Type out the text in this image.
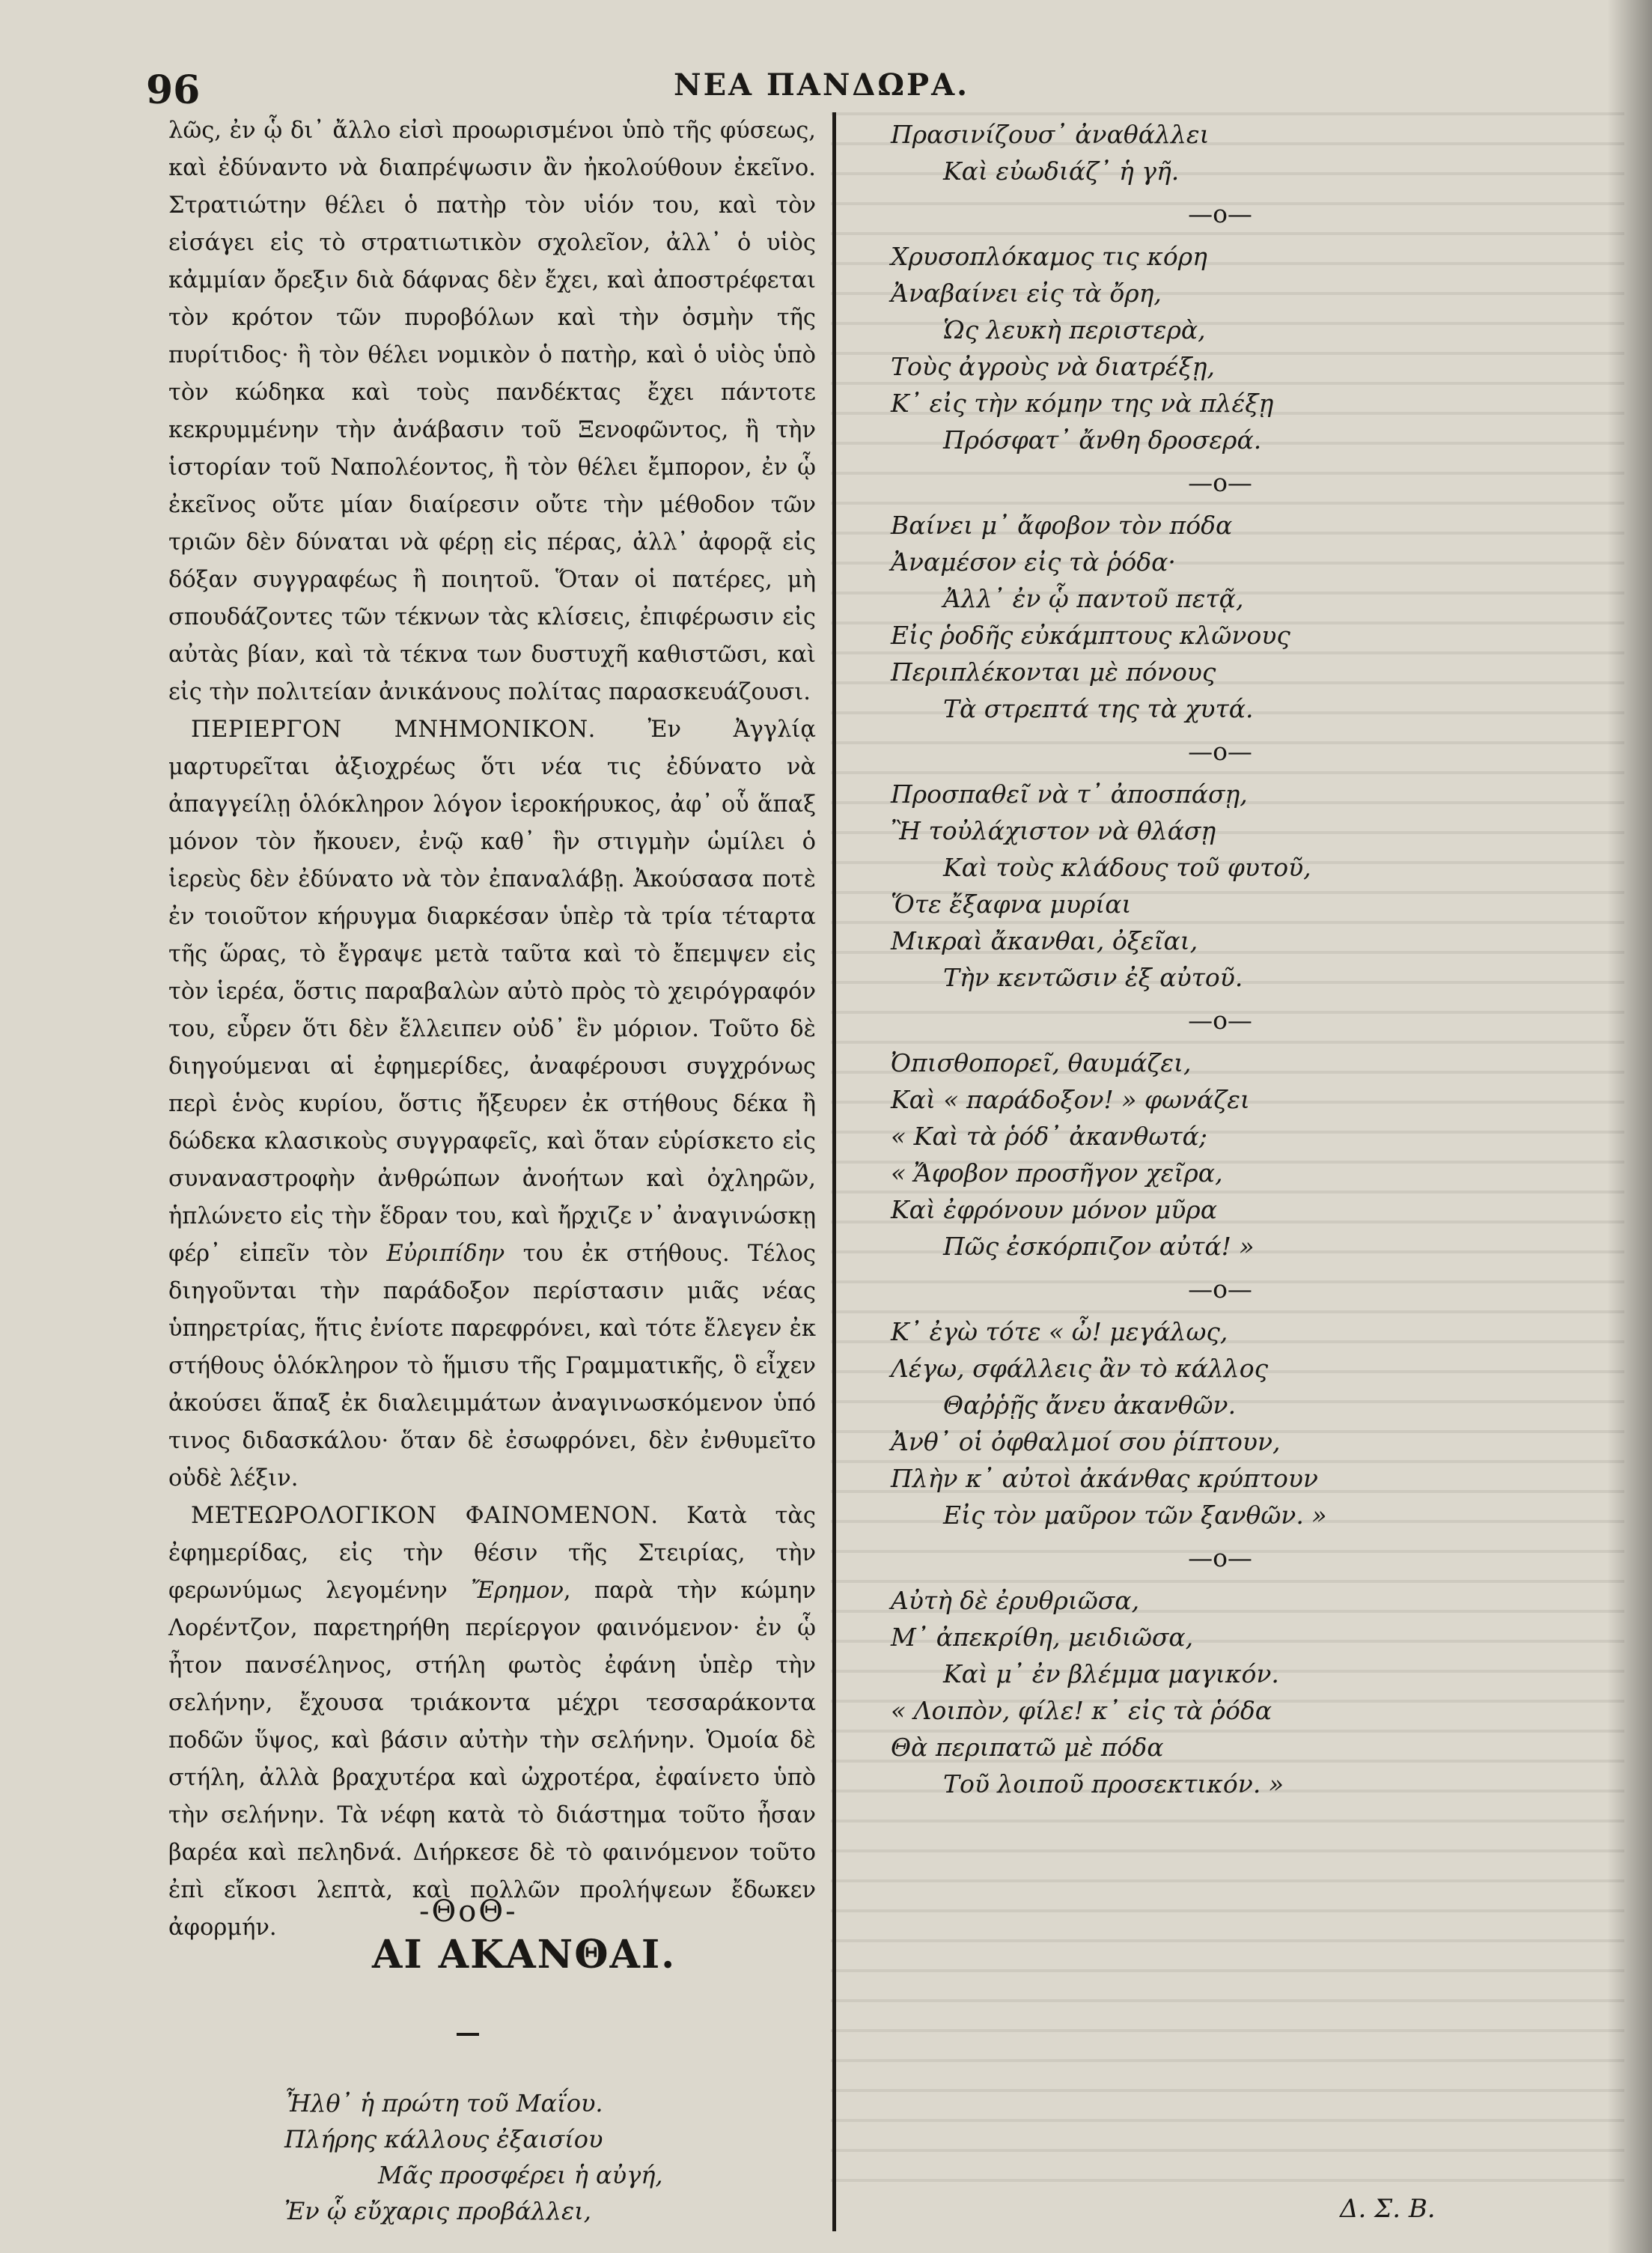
96	ΝΕΑ ΠΑΝΔΩΡΑ.

λῶς, ἐν ᾧ δι᾽ ἄλλο εἰσὶ προωρισμένοι ὑπὸ τῆς φύσεως, καὶ ἐδύναντο νὰ διαπρέψωσιν ἂν ἠκολούθουν ἐκεῖνο. Στρατιώτην θέλει ὁ πατὴρ τὸν υἱόν του, καὶ τὸν εἰσάγει εἰς τὸ στρατιωτικὸν σχολεῖον, ἀλλ᾽ ὁ υἱὸς κἀμμίαν ὄρεξιν διὰ δάφνας δὲν ἔχει, καὶ ἀποστρέφεται τὸν κρότον τῶν πυροβόλων καὶ τὴν ὀσμὴν τῆς πυρίτιδος· ἢ τὸν θέλει νομικὸν ὁ πατὴρ, καὶ ὁ υἱὸς ὑπὸ τὸν κώδηκα καὶ τοὺς πανδέκτας ἔχει πάντοτε κεκρυμμένην τὴν ἀνάβασιν τοῦ Ξενοφῶντος, ἢ τὴν ἱστορίαν τοῦ Ναπολέοντος, ἢ τὸν θέλει ἔμπορον, ἐν ᾧ ἐκεῖνος οὔτε μίαν διαίρεσιν οὔτε τὴν μέθοδον τῶν τριῶν δὲν δύναται νὰ φέρῃ εἰς πέρας, ἀλλ᾽ ἀφορᾷ εἰς δόξαν συγγραφέως ἢ ποιητοῦ. Ὅταν οἱ πατέρες, μὴ σπουδάζοντες τῶν τέκνων τὰς κλίσεις, ἐπιφέρωσιν εἰς αὐτὰς βίαν, καὶ τὰ τέκνα των δυστυχῆ καθιστῶσι, καὶ εἰς τὴν πολιτείαν ἀνικάνους πολίτας παρασκευάζουσι.

ΠΕΡΙΕΡΓΟΝ ΜΝΗΜΟΝΙΚΟΝ. Ἐν Ἀγγλίᾳ μαρτυρεῖται ἀξιοχρέως ὅτι νέα τις ἐδύνατο νὰ ἀπαγγείλῃ ὁλόκληρον λόγον ἱεροκήρυκος, ἀφ᾽ οὗ ἅπαξ μόνον τὸν ἤκουεν, ἐνῷ καθ᾽ ἣν στιγμὴν ὡμίλει ὁ ἱερεὺς δὲν ἐδύνατο νὰ τὸν ἐπαναλάβῃ. Ἀκούσασα ποτὲ ἐν τοιοῦτον κήρυγμα διαρκέσαν ὑπὲρ τὰ τρία τέταρτα τῆς ὥρας, τὸ ἔγραψε μετὰ ταῦτα καὶ τὸ ἔπεμψεν εἰς τὸν ἱερέα, ὅστις παραβαλὼν αὐτὸ πρὸς τὸ χειρόγραφόν του, εὗρεν ὅτι δὲν ἔλλειπεν οὐδ᾽ ἓν μόριον. Τοῦτο δὲ διηγούμεναι αἱ ἐφημερίδες, ἀναφέρουσι συγχρόνως περὶ ἑνὸς κυρίου, ὅστις ἤξευρεν ἐκ στήθους δέκα ἢ δώδεκα κλασικοὺς συγγραφεῖς, καὶ ὅταν εὑρίσκετο εἰς συναναστροφὴν ἀνθρώπων ἀνοήτων καὶ ὀχληρῶν, ἡπλώνετο εἰς τὴν ἕδραν του, καὶ ἤρχιζε ν᾽ ἀναγινώσκῃ φέρ᾽ εἰπεῖν τὸν Εὐριπίδην του ἐκ στήθους. Τέλος διηγοῦνται τὴν παράδοξον περίστασιν μιᾶς νέας ὑπηρετρίας, ἥτις ἐνίοτε παρεφρόνει, καὶ τότε ἔλεγεν ἐκ στήθους ὁλόκληρον τὸ ἥμισυ τῆς Γραμματικῆς, ὃ εἶχεν ἀκούσει ἅπαξ ἐκ διαλειμμάτων ἀναγινωσκόμενον ὑπό τινος διδασκάλου· ὅταν δὲ ἐσωφρόνει, δὲν ἐνθυμεῖτο οὐδὲ λέξιν.

ΜΕΤΕΩΡΟΛΟΓΙΚΟΝ ΦΑΙΝΟΜΕΝΟΝ. Κατὰ τὰς ἐφημερίδας, εἰς τὴν θέσιν τῆς Στειρίας, τὴν φερωνύμως λεγομένην Ἔρημον, παρὰ τὴν κώμην Λορέντζον, παρετηρήθη περίεργον φαινόμενον· ἐν ᾧ ἦτον πανσέληνος, στήλη φωτὸς ἐφάνη ὑπὲρ τὴν σελήνην, ἔχουσα τριάκοντα μέχρι τεσσαράκοντα ποδῶν ὕψος, καὶ βάσιν αὐτὴν τὴν σελήνην. Ὁμοία δὲ στήλη, ἀλλὰ βραχυτέρα καὶ ὠχροτέρα, ἐφαίνετο ὑπὸ τὴν σελήνην. Τὰ νέφη κατὰ τὸ διάστημα τοῦτο ἦσαν βαρέα καὶ πεληδνά. Διήρκεσε δὲ τὸ φαινόμενον τοῦτο ἐπὶ εἴκοσι λεπτὰ, καὶ πολλῶν προλήψεων ἔδωκεν ἀφορμήν.	-ΘοΘ-
ΑΙ ΑΚΑΝΘΑΙ.
Ἦλθ᾽ ἡ πρώτη τοῦ Μαΐου.
Πλήρης κάλλους ἐξαισίου
Μᾶς προσφέρει ἡ αὐγή,
Ἐν ᾧ εὔχαρις προβάλλει,
Πρασινίζουσ᾽ ἀναθάλλει
Καὶ εὐωδιάζ᾽ ἡ γῆ.
—ο—
Χρυσοπλόκαμος τις κόρη
Ἀναβαίνει εἰς τὰ ὄρη,
Ὡς λευκὴ περιστερὰ,
Τοὺς ἀγροὺς νὰ διατρέξῃ,
Κ᾽ εἰς τὴν κόμην της νὰ πλέξῃ
Πρόσφατ᾽ ἄνθη δροσερά.
—ο—
Βαίνει μ᾽ ἄφοβον τὸν πόδα
Ἀναμέσον εἰς τὰ ῥόδα·
Ἀλλ᾽ ἐν ᾧ παντοῦ πετᾷ,
Εἰς ῥοδῆς εὐκάμπτους κλῶνους
Περιπλέκονται μὲ πόνους
Τὰ στρεπτά της τὰ χυτά.
—ο—
Προσπαθεῖ νὰ τ᾽ ἀποσπάσῃ,
Ἢ τοὐλάχιστον νὰ θλάσῃ
Καὶ τοὺς κλάδους τοῦ φυτοῦ,
Ὅτε ἔξαφνα μυρίαι
Μικραὶ ἄκανθαι, ὀξεῖαι,
Τὴν κεντῶσιν ἐξ αὐτοῦ.
—ο—
Ὀπισθοπορεῖ, θαυμάζει,
Καὶ « παράδοξον! » φωνάζει
« Καὶ τὰ ῥόδ᾽ ἀκανθωτά;
« Ἄφοβον προσῆγον χεῖρα,
Καὶ ἐφρόνουν μόνον μῦρα
Πῶς ἐσκόρπιζον αὐτά! »
—ο—
Κ᾽ ἐγὼ τότε « ὦ! μεγάλως,
Λέγω, σφάλλεις ἂν τὸ κάλλος
Θαῤῥῇς ἄνευ ἀκανθῶν.
Ἀνθ᾽ οἱ ὀφθαλμοί σου ῥίπτουν,
Πλὴν κ᾽ αὐτοὶ ἀκάνθας κρύπτουν
Εἰς τὸν μαῦρον τῶν ξανθῶν. »
—ο—
Αὐτὴ δὲ ἐρυθριῶσα,
Μ᾽ ἀπεκρίθη, μειδιῶσα,
Καὶ μ᾽ ἐν βλέμμα μαγικόν.
« Λοιπὸν, φίλε! κ᾽ εἰς τὰ ῥόδα
Θὰ περιπατῶ μὲ πόδα
Τοῦ λοιποῦ προσεκτικόν. »
Δ. Σ. Β.
